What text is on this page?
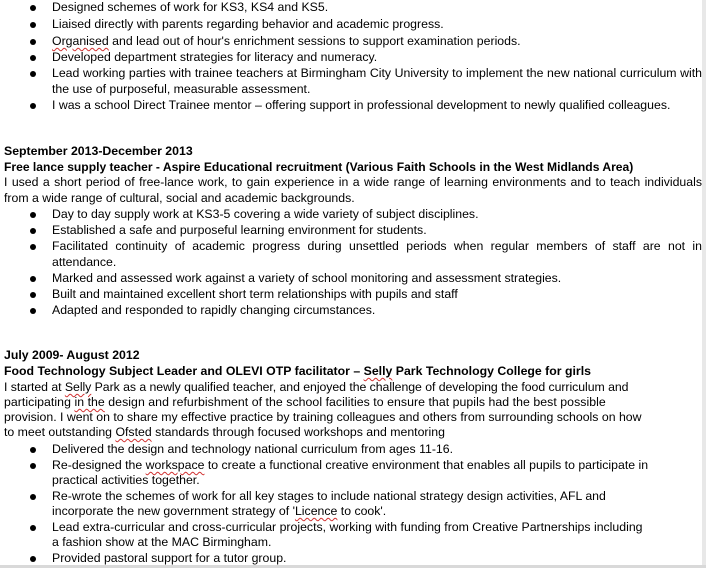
Designed schemes of work for KS3, KS4 and KS5.
Liaised directly with parents regarding behavior and academic progress.
Organised and lead out of hour's enrichment sessions to support examination periods.
Developed department strategies for literacy and numeracy.
Lead working parties with trainee teachers at Birmingham City University to implement the new national curriculum with the use of purposeful, measurable assessment.
I was a school Direct Trainee mentor – offering support in professional development to newly qualified colleagues.
September 2013-December 2013
Free lance supply teacher - Aspire Educational recruitment (Various Faith Schools in the West Midlands Area)
I used a short period of free-lance work, to gain experience in a wide range of learning environments and to teach individuals from a wide range of cultural, social and academic backgrounds.
Day to day supply work at KS3-5 covering a wide variety of subject disciplines.
Established a safe and purposeful learning environment for students.
Facilitated continuity of academic progress during unsettled periods when regular members of staff are not in attendance.
Marked and assessed work against a variety of school monitoring and assessment strategies.
Built and maintained excellent short term relationships with pupils and staff
Adapted and responded to rapidly changing circumstances.
July 2009- August 2012
Food Technology Subject Leader and OLEVI OTP facilitator – Selly Park Technology College for girls
I started at Selly Park as a newly qualified teacher, and enjoyed the challenge of developing the food curriculum and
participating in the design and refurbishment of the school facilities to ensure that pupils had the best possible
provision. I went on to share my effective practice by training colleagues and others from surrounding schools on how
to meet outstanding Ofsted standards through focused workshops and mentoring
Delivered the design and technology national curriculum from ages 11-16.
Re-designed the workspace to create a functional creative environment that enables all pupils to participate in
practical activities together.
Re-wrote the schemes of work for all key stages to include national strategy design activities, AFL and
incorporate the new government strategy of 'Licence to cook'.
Lead extra-curricular and cross-curricular projects, working with funding from Creative Partnerships including
a fashion show at the MAC Birmingham.
Provided pastoral support for a tutor group.
